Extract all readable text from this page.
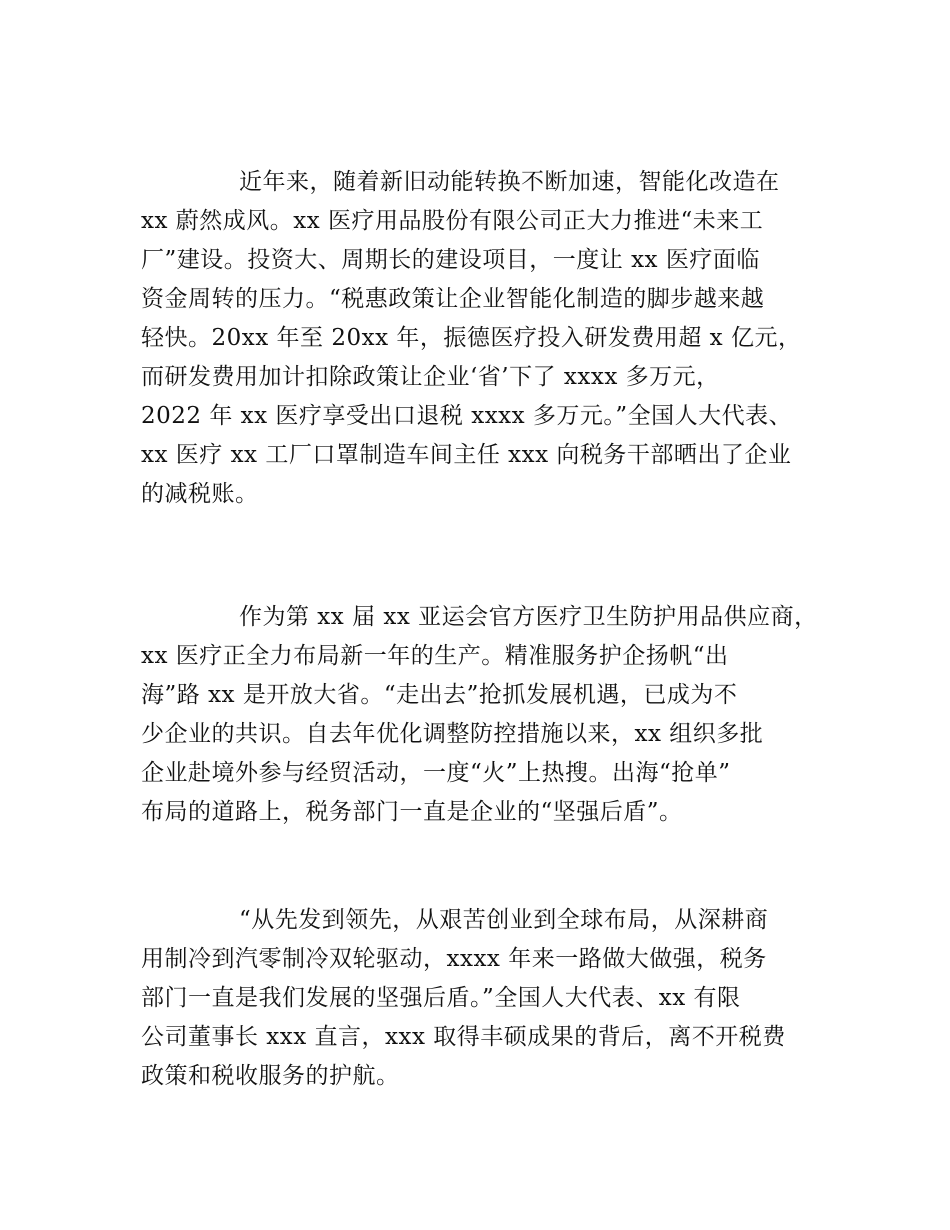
近年来，随着新旧动能转换不断加速，智能化改造在
xx 蔚然成风。xx 医疗用品股份有限公司正大力推进“未来工
厂”建设。投资大、周期长的建设项目，一度让 xx 医疗面临
资金周转的压力。“税惠政策让企业智能化制造的脚步越来越
轻快。20xx 年至 20xx 年，振德医疗投入研发费用超 x 亿元，
而研发费用加计扣除政策让企业‘省’下了 xxxx 多万元，
2022 年 xx 医疗享受出口退税 xxxx 多万元。”全国人大代表、
xx 医疗 xx 工厂口罩制造车间主任 xxx 向税务干部晒出了企业
的减税账。
作为第 xx 届 xx 亚运会官方医疗卫生防护用品供应商，
xx 医疗正全力布局新一年的生产。精准服务护企扬帆“出
海”路 xx 是开放大省。“走出去”抢抓发展机遇，已成为不
少企业的共识。自去年优化调整防控措施以来，xx 组织多批
企业赴境外参与经贸活动，一度“火”上热搜。出海“抢单”
布局的道路上，税务部门一直是企业的“坚强后盾”。
“从先发到领先，从艰苦创业到全球布局，从深耕商
用制冷到汽零制冷双轮驱动，xxxx 年来一路做大做强，税务
部门一直是我们发展的坚强后盾。”全国人大代表、xx 有限
公司董事长 xxx 直言，xxx 取得丰硕成果的背后，离不开税费
政策和税收服务的护航。
